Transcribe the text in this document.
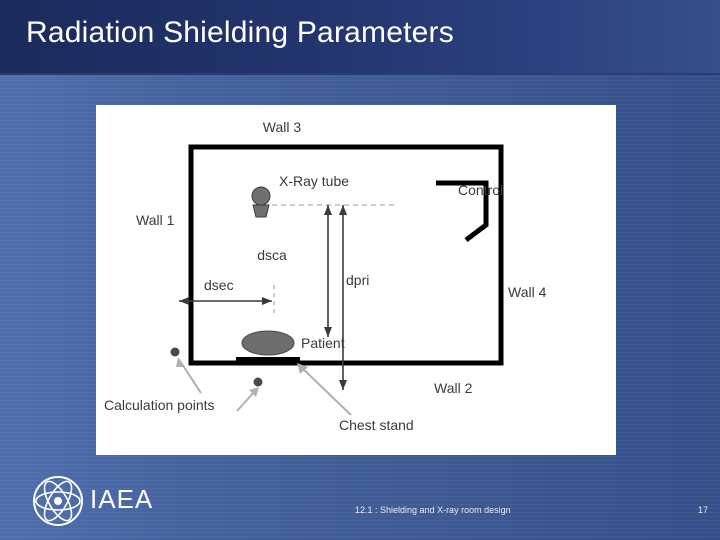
Radiation Shielding Parameters
Wall 3
Wall 1
Wall 2
Wall 4
Control
X-Ray tube
Patient
Chest stand
dsca
dsec	dpri
Calculation points
IAEA	12.1 : Shielding and X-ray room design	17
